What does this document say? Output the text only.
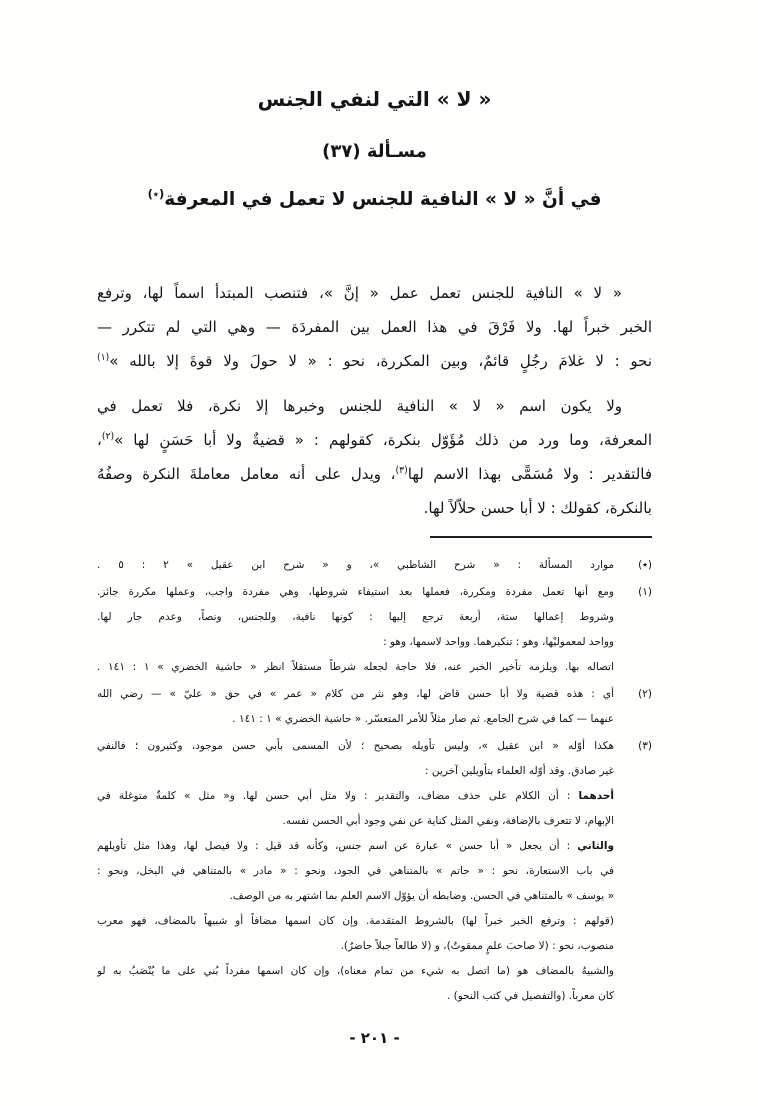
« لا » التي لنفي الجنس
مسـألة (٣٧)
في أنَّ « لا » النافية للجنس لا تعمل في المعرفة(٭)
« لا » النافية للجنس تعمل عمل « إنَّ »، فتنصب المبتدأ اسماً لها، وترفع
الخبر خبراً لها. ولا فَرْقَ في هذا العمل بين المفردَة — وهي التي لم تتكرر —
نحو : لا غلامَ رجُلٍ قائمٌ، وبين المكررة، نحو : « لا حولَ ولا قوةَ إلا بالله »$^{(١)}$
ولا يكون اسم « لا » النافية للجنس وخبرها إلا نكرة، فلا تعمل في
المعرفة، وما ورد من ذلك مُؤَوّل بنكرة، كقولهم : « قضيةٌ ولا أبا حَسَنٍ لها »$^{(٢)}$،
فالتقدير : ولا مُسَمًّى بهذا الاسم لها$^{(٣)}$، ويدل على أنه معامل معاملةَ النكرة وصفُهُ
بالنكرة، كقولك : لا أبا حسن حلاّلاً لها.
(٭)
موارد المسألة : « شرح الشاطبي »، و « شرح ابن عقيل » ٢ : ٥ .
(١)
ومع أنها تعمل مفردة ومكررة، فعملها بعد استيفاء شروطها، وهي مفردة واجب، وعملها مكررة جائز.
وشروط إعمالها ستة، أربعة ترجع إليها : كونها نافية، وللجنس، ونصاً، وعدم جار لها.
وواحد لمعموليْها، وهو : تنكيرهما. وواحد لاسمها، وهو :
اتصاله بها. ويلزمه تأخير الخبر عنه، فلا حاجة لجعله شرطاً مستقلاً انظر « حاشية الخضري » ١ : ١٤١ .
(٢)
أي : هذه قضية ولا أبا حسن قاض لها، وهو نثر من كلام « عمر » في حق « عليّ » — رضي الله
عنهما — كما في شرح الجامع. ثم صار مثلاً للأمر المتعسّر. « حاشية الخضري » ١ : ١٤١ .
(٣)
هكذا أوّله « ابن عقيل »، وليس تأويله بصحيح ؛ لأن المسمى بأبي حسن موجود، وكثيرون ؛ فالنفي
غير صادق. وقد أوّله العلماء بتأويلين آخرين :
أحدهما : أن الكلام على حذف مضاف، والتقدير : ولا مثل أبي حسن لها. و« مثل » كلمةٌ متوغلة في
الإبهام، لا تتعرف بالإضافة، ونفي المثل كناية عن نفي وجود أبي الحسن نفسه.
والثاني : أن يجعل « أبا حسن » عبارة عن اسم جنس، وكأنه قد قيل : ولا فيصل لها، وهذا مثل تأويلهم
في باب الاستعارة، نحو : « حاتم » بالمتناهي في الجود، ونحو : « مادر » بالمتناهي في البخل، ونحو :
« يوسف » بالمتناهي في الحسن. وضابطه أن يؤوّل الاسم العلم بما اشتهر به من الوصف.
(قولهم : وترفع الخبر خبراً لها) بالشروط المتقدمة. وإن كان اسمها مضافاً أو شبيهاً بالمضاف، فهو معرب
منصوب، نحو : (لا صاحبَ علمٍ ممقوتٌ)، و (لا طالعاً جبلاً حاضرٌ).
والشبيهُ بالمضاف هو (ما اتصل به شيء من تمام معناه)، وإن كان اسمها مفرداً بُني على ما يُنْصَبُ به لو
كان معرباً. (والتفصيل في كتب النحو) .
- ٢٠١ -
